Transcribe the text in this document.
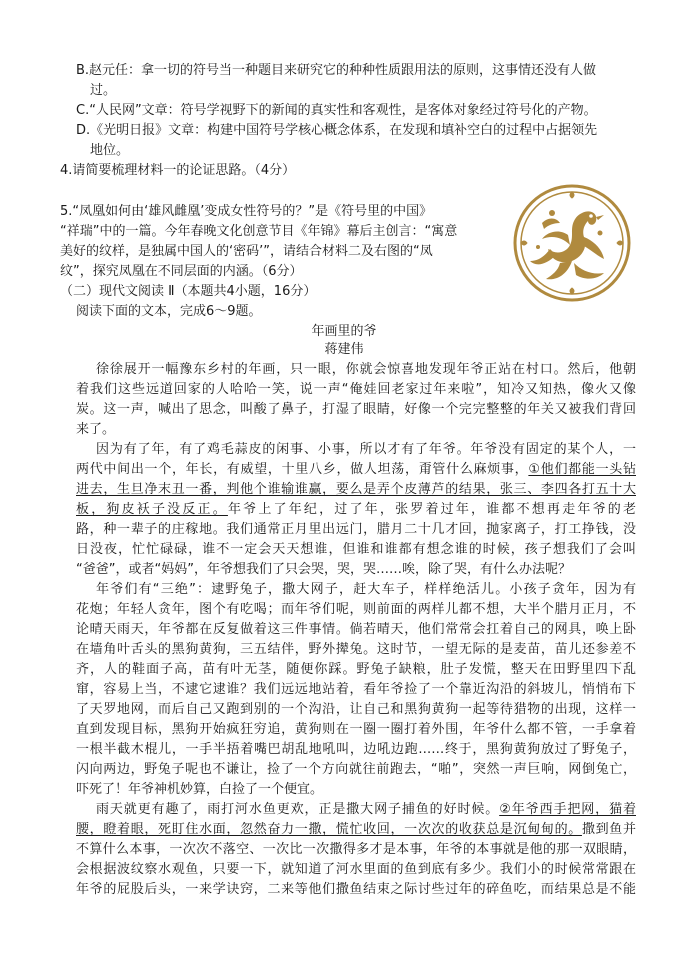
B.赵元任：拿一切的符号当一种题目来研究它的种种性质跟用法的原则，这事情还没有人做
过。
C.“人民网”文章：符号学视野下的新闻的真实性和客观性，是客体对象经过符号化的产物。
D.《光明日报》文章：构建中国符号学核心概念体系，在发现和填补空白的过程中占据领先
地位。
4.请简要梳理材料一的论证思路。（4分）
5.“凤凰如何由‘雄风雌凰’变成女性符号的？”是《符号里的中国》
“祥瑞”中的一篇。今年春晚文化创意节目《年锦》幕后主创言：“寓意
美好的纹样，是独属中国人的‘密码’”，请结合材料二及右图的“凤
纹”，探究凤凰在不同层面的内涵。（6分）
（二）现代文阅读 Ⅱ（本题共4小题，16分）
阅读下面的文本，完成6～9题。
年画里的爷
蒋建伟
徐徐展开一幅豫东乡村的年画，只一眼，你就会惊喜地发现年爷正站在村口。然后，他朝
着我们这些远道回家的人哈哈一笑，说一声“俺娃回老家过年来啦”，知冷又知热，像火又像
炭。这一声，喊出了思念，叫酸了鼻子，打湿了眼睛，好像一个完完整整的年关又被我们背回
来了。
因为有了年，有了鸡毛蒜皮的闲事、小事，所以才有了年爷。年爷没有固定的某个人，一
两代中间出一个，年长，有威望，十里八乡，做人坦荡，甭管什么麻烦事，①他们都能一头钻
进去，生旦净末丑一番，判他个谁输谁赢，要么是弄个皮薄芦的结果，张三、李四各打五十大
板，狗皮袄子没反正。年爷上了年纪，过了年，张罗着过年，谁都不想再走年爷的老
路，种一辈子的庄稼地。我们通常正月里出远门，腊月二十几才回，抛家离子，打工挣钱，没
日没夜，忙忙碌碌，谁不一定会天天想谁，但谁和谁都有想念谁的时候，孩子想我们了会叫
“爸爸”，或者“妈妈”，年爷想我们了只会哭，哭，哭……唉，除了哭，有什么办法呢？
年爷们有“三绝”：逮野兔子，撒大网子，赶大车子，样样绝活儿。小孩子贪年，因为有
花炮；年轻人贪年，图个有吃喝；而年爷们呢，则前面的两样儿都不想，大半个腊月正月，不
论晴天雨天，年爷都在反复做着这三件事情。倘若晴天，他们常常会扛着自己的网具，唤上卧
在墙角叶舌头的黑狗黄狗，三五结伴，野外撵兔。这时节，一望无际的是麦苗，苗儿还参差不
齐，人的鞋面子高，苗有叶无茎，随便你踩。野兔子缺粮，肚子发慌，整天在田野里四下乱
窜，容易上当，不逮它逮谁？我们远远地站着，看年爷捡了一个靠近沟沿的斜坡儿，悄悄布下
了天罗地网，而后自己又跑到别的一个沟沿，让自己和黑狗黄狗一起等待猎物的出现，这样一
直到发现目标，黑狗开始疯狂穷追，黄狗则在一圈一圈打着外围，年爷什么都不管，一手拿着
一根半截木棍儿，一手半捂着嘴巴胡乱地吼叫，边吼边跑……终于，黑狗黄狗放过了野兔子，
闪向两边，野兔子呢也不谦让，捡了一个方向就往前跑去，“啪”，突然一声巨响，网倒兔亡，
吓死了！年爷神机妙算，白捡了一个便宜。
雨天就更有趣了，雨打河水鱼更欢，正是撒大网子捕鱼的好时候。②年爷西手把网，猫着
腰，瞪着眼，死盯住水面，忽然奋力一撒，慌忙收回，一次次的收获总是沉甸甸的。撒到鱼并
不算什么本事，一次次不落空、一次比一次撒得多才是本事，年爷的本事就是他的那一双眼睛，
会根据波纹察水观鱼，只要一下，就知道了河水里面的鱼到底有多少。我们小的时候常常跟在
年爷的屁股后头，一来学诀窍，二来等他们撒鱼结束之际讨些过年的碎鱼吃，而结果总是不能
